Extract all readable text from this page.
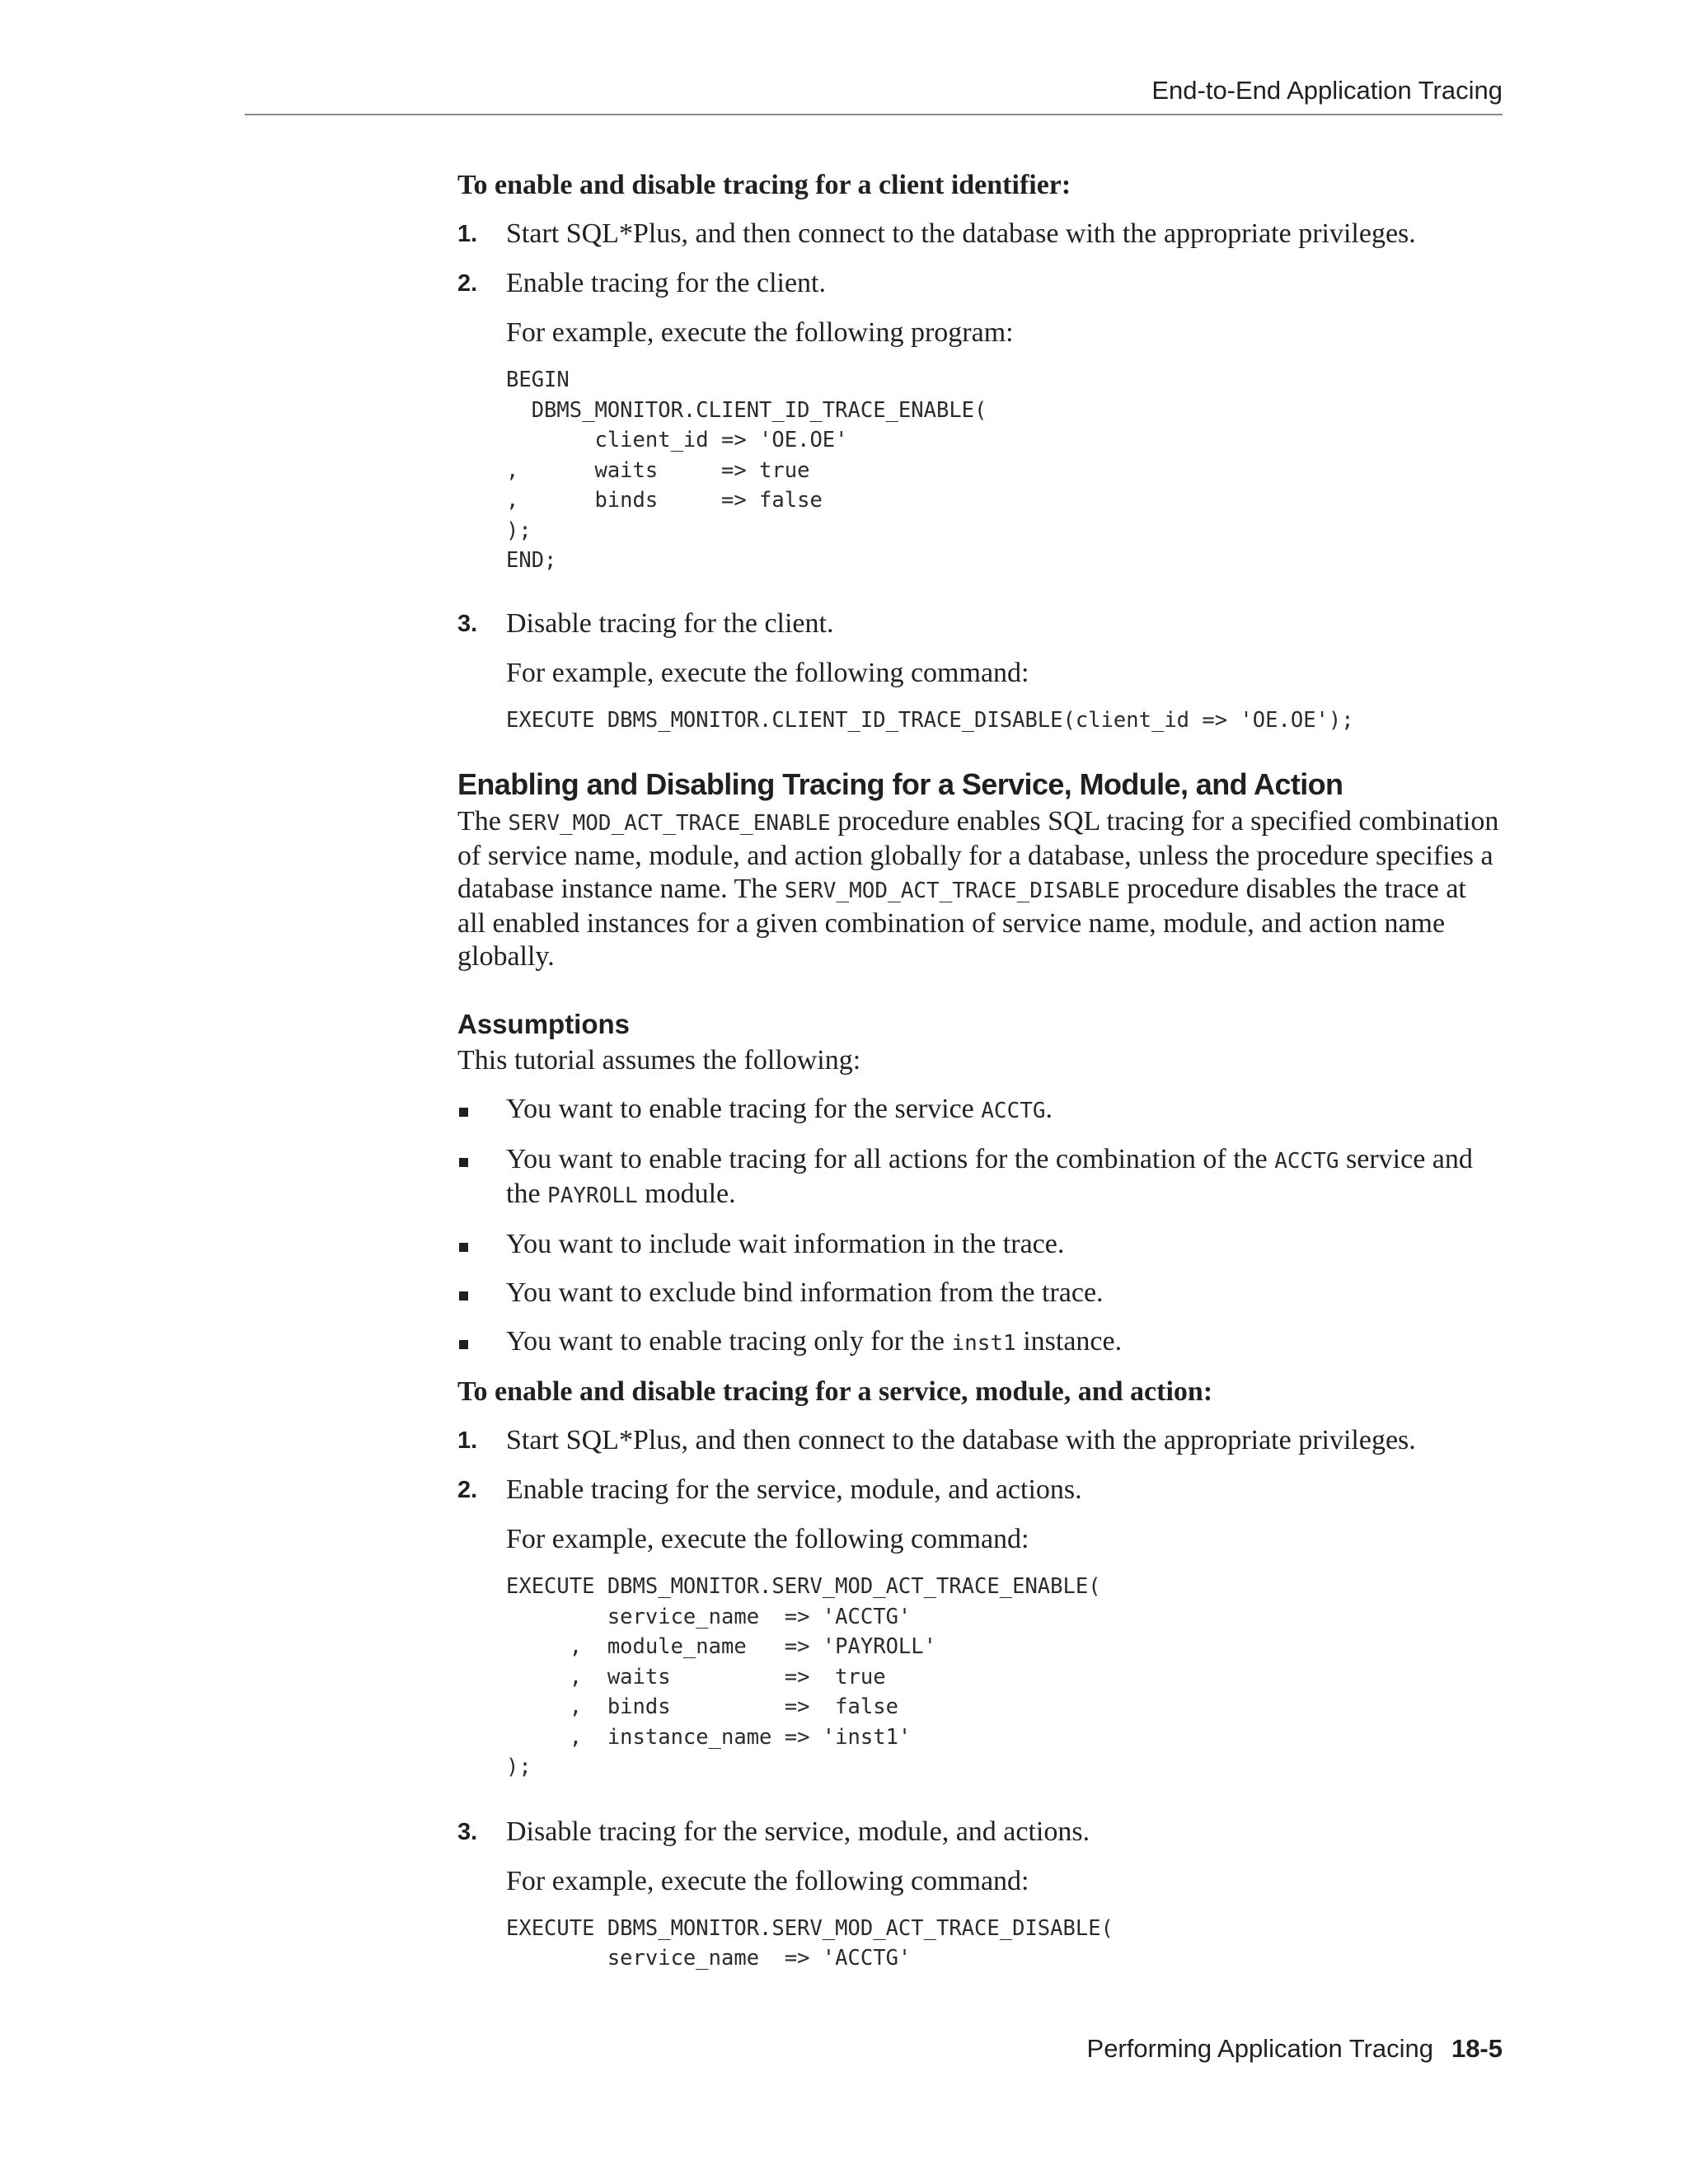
End-to-End Application Tracing
To enable and disable tracing for a client identifier:
1. Start SQL*Plus, and then connect to the database with the appropriate privileges.
2. Enable tracing for the client.
For example, execute the following program:
BEGIN
DBMS_MONITOR.CLIENT_ID_TRACE_ENABLE(
client_id => 'OE.OE'
,      waits     => true
,      binds     => false
);
END;
3. Disable tracing for the client.
For example, execute the following command:
EXECUTE DBMS_MONITOR.CLIENT_ID_TRACE_DISABLE(client_id => 'OE.OE');
Enabling and Disabling Tracing for a Service, Module, and Action
The SERV_MOD_ACT_TRACE_ENABLE procedure enables SQL tracing for a specified combination of service name, module, and action globally for a database, unless the procedure specifies a database instance name. The SERV_MOD_ACT_TRACE_DISABLE procedure disables the trace at all enabled instances for a given combination of service name, module, and action name globally.
Assumptions
This tutorial assumes the following:
You want to enable tracing for the service ACCTG.
You want to enable tracing for all actions for the combination of the ACCTG service and the PAYROLL module.
You want to include wait information in the trace.
You want to exclude bind information from the trace.
You want to enable tracing only for the inst1 instance.
To enable and disable tracing for a service, module, and action:
1. Start SQL*Plus, and then connect to the database with the appropriate privileges.
2. Enable tracing for the service, module, and actions.
For example, execute the following command:
EXECUTE DBMS_MONITOR.SERV_MOD_ACT_TRACE_ENABLE(
service_name  => 'ACCTG'
,  module_name   => 'PAYROLL'
,  waits         =>  true
,  binds         =>  false
,  instance_name => 'inst1'
);
3. Disable tracing for the service, module, and actions.
For example, execute the following command:
EXECUTE DBMS_MONITOR.SERV_MOD_ACT_TRACE_DISABLE(
service_name  => 'ACCTG'
Performing Application Tracing 18-5
